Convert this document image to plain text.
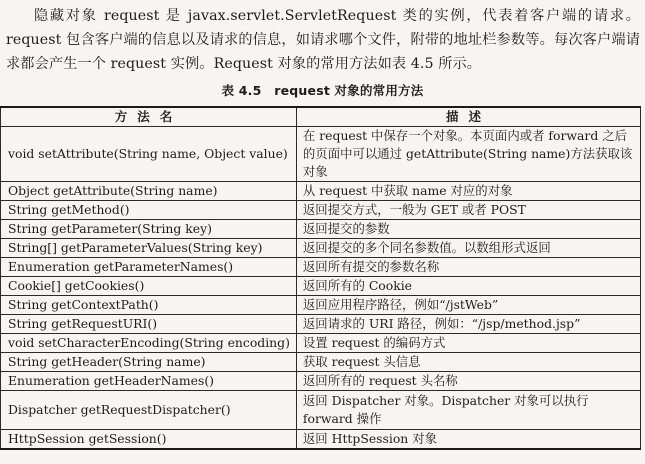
隐藏对象 request 是 javax.servlet.ServletRequest 类的实例，代表着客户端的请求。request 包含客户端的信息以及请求的信息，如请求哪个文件，附带的地址栏参数等。每次客户端请求都会产生一个 request 实例。Request 对象的常用方法如表 4.5 所示。

表 4.5　request 对象的常用方法
方法名	描述
void setAttribute(String name, Object value)	在 request 中保存一个对象。本页面内或者 forward 之后的页面中可以通过 getAttribute(String name)方法获取该对象
Object getAttribute(String name)	从 request 中获取 name 对应的对象
String getMethod()	返回提交方式，一般为 GET 或者 POST
String getParameter(String key)	返回提交的参数
String[] getParameterValues(String key)	返回提交的多个同名参数值。以数组形式返回
Enumeration getParameterNames()	返回所有提交的参数名称
Cookie[] getCookies()	返回所有的 Cookie
String getContextPath()	返回应用程序路径，例如“/jstWeb”
String getRequestURI()	返回请求的 URI 路径，例如：“/jsp/method.jsp”
void setCharacterEncoding(String encoding)	设置 request 的编码方式
String getHeader(String name)	获取 request 头信息
Enumeration getHeaderNames()	返回所有的 request 头名称
Dispatcher getRequestDispatcher()	返回 Dispatcher 对象。Dispatcher 对象可以执行 forward 操作
HttpSession getSession()	返回 HttpSession 对象
